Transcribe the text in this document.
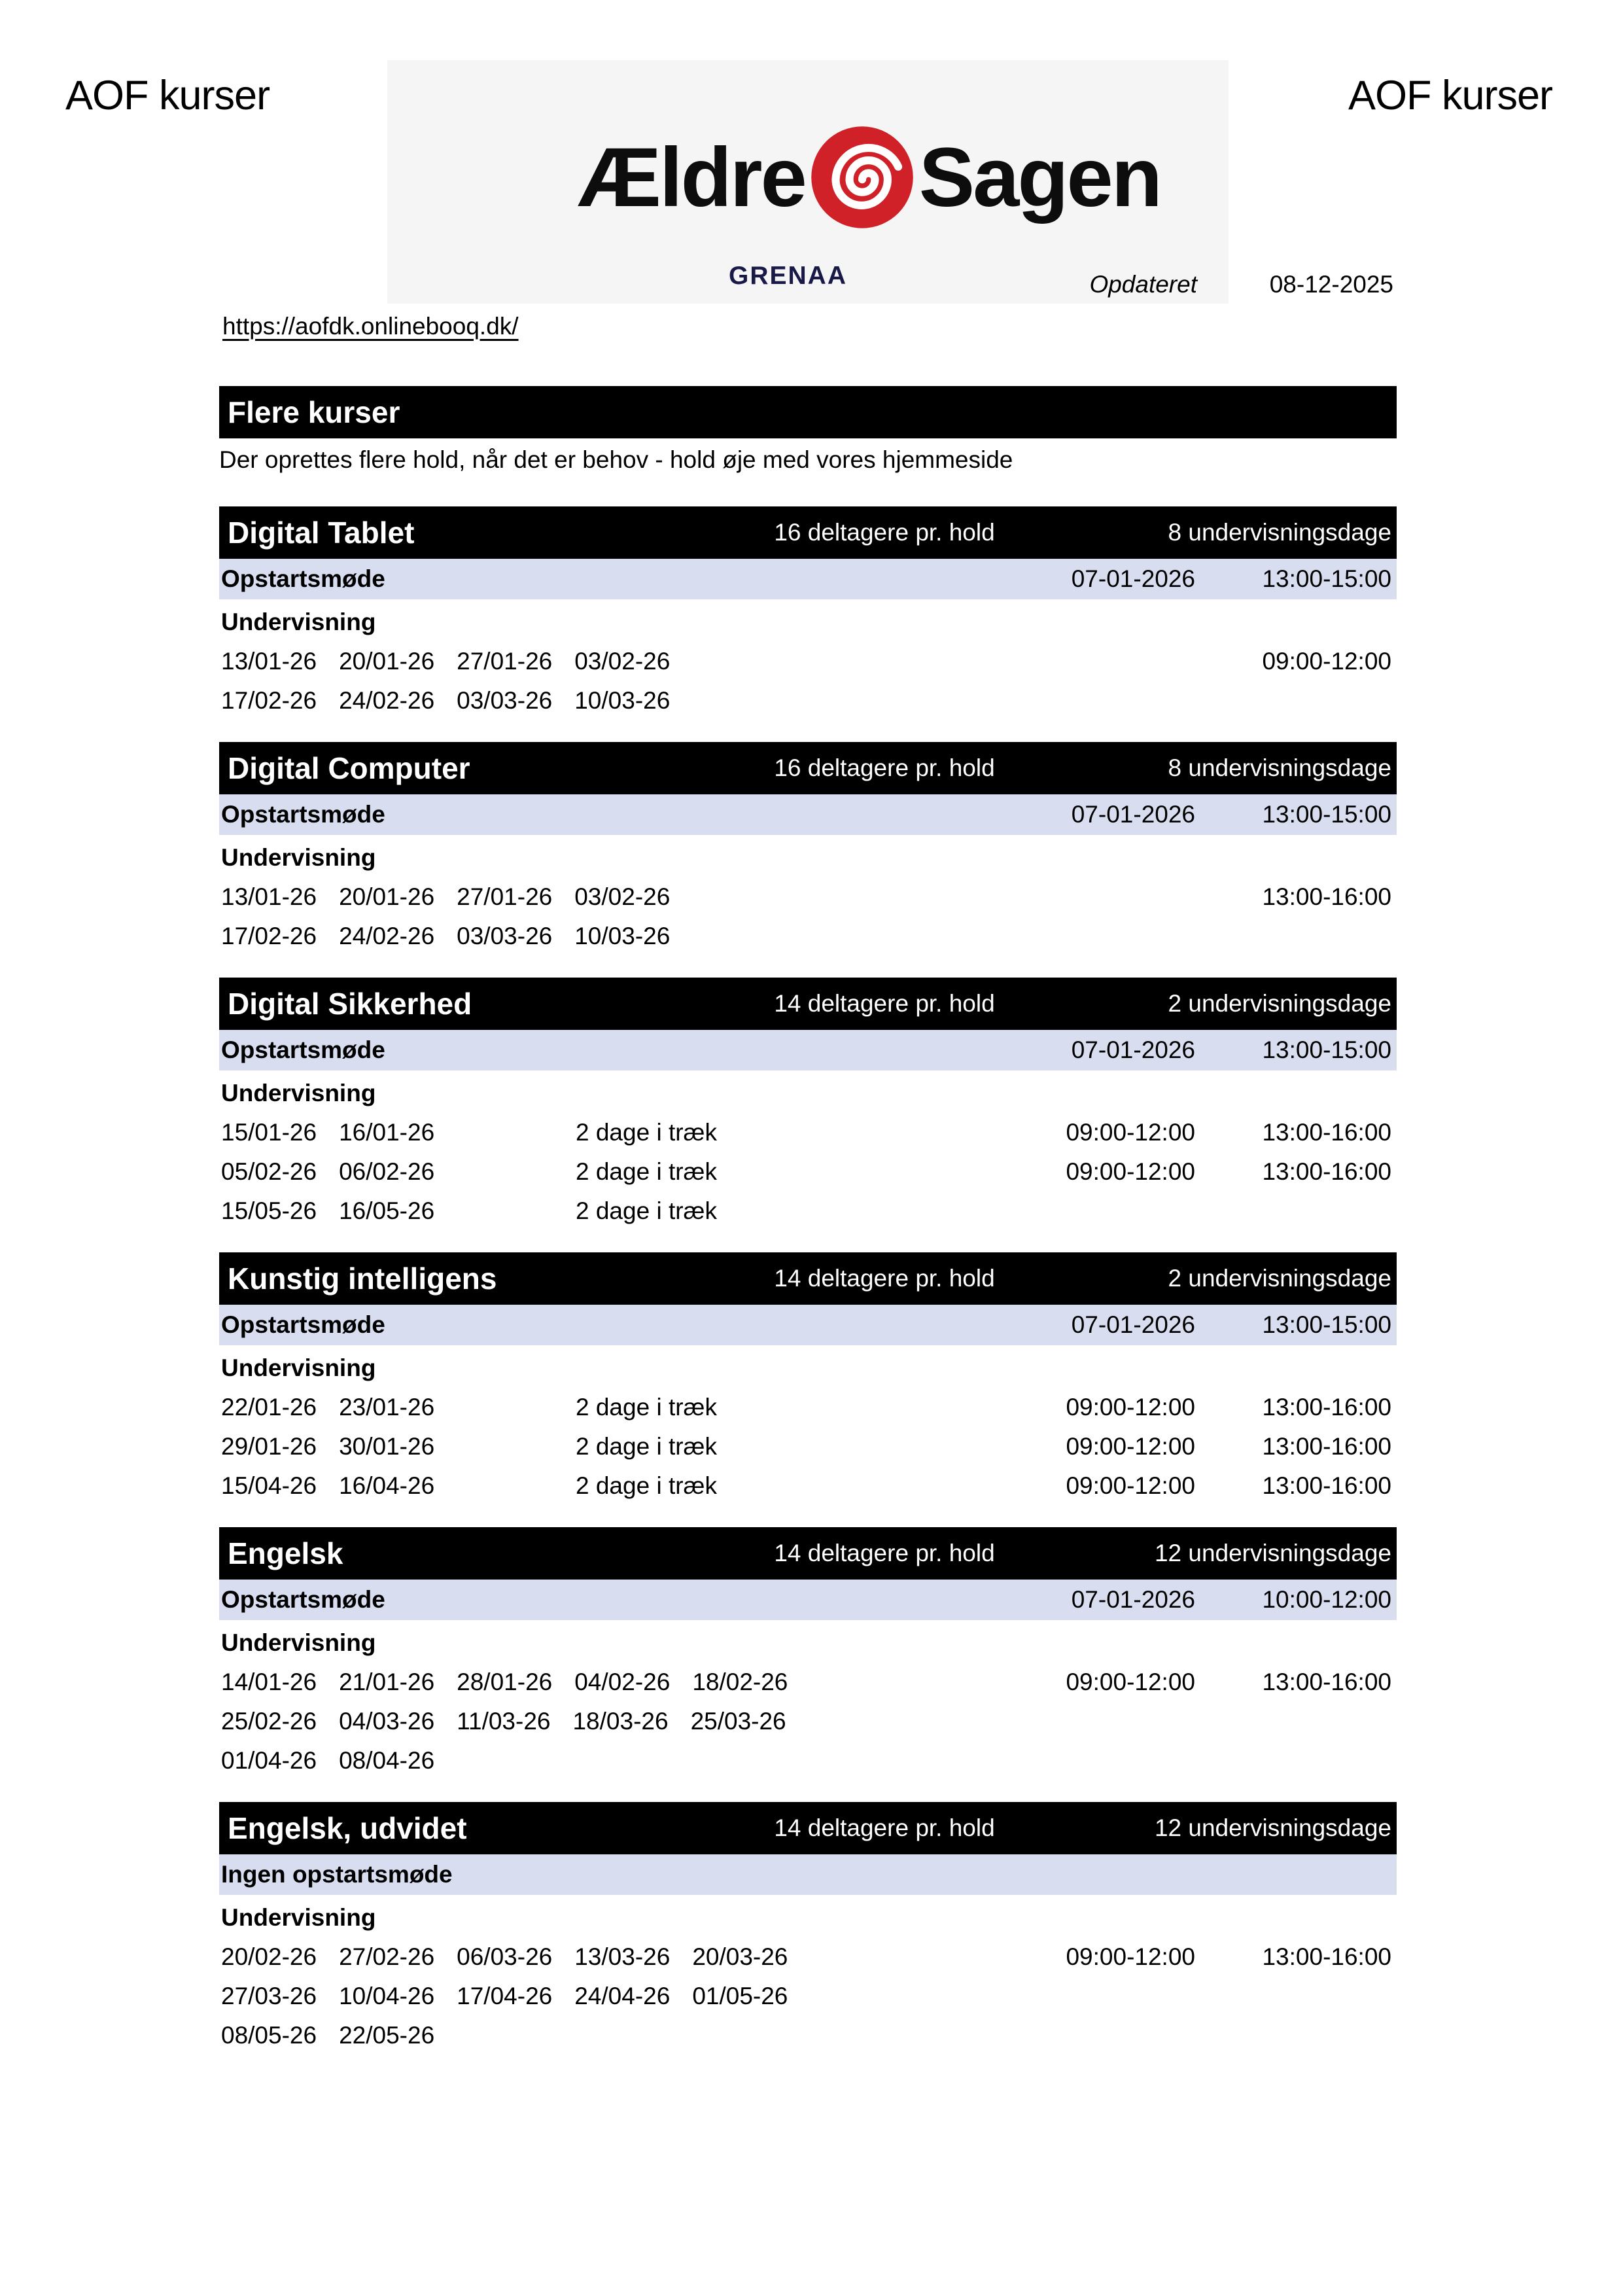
AOF kurser	AOF kurser
Ældre Sagen
GRENAA	Opdateret	08-12-2025
https://aofdk.onlinebooq.dk/
Flere kurser
Der oprettes flere hold, når det er behov - hold øje med vores hjemmeside
Digital Tablet	16 deltagere pr. hold	8 undervisningsdage
Opstartsmøde	07-01-2026	13:00-15:00
Undervisning
13/01-26 20/01-26 27/01-26 03/02-26	09:00-12:00
17/02-26 24/02-26 03/03-26 10/03-26
Digital Computer	16 deltagere pr. hold	8 undervisningsdage
Opstartsmøde	07-01-2026	13:00-15:00
Undervisning
13/01-26 20/01-26 27/01-26 03/02-26	13:00-16:00
17/02-26 24/02-26 03/03-26 10/03-26
Digital Sikkerhed	14 deltagere pr. hold	2 undervisningsdage
Opstartsmøde	07-01-2026	13:00-15:00
Undervisning
15/01-26 16/01-26	2 dage i træk	09:00-12:00	13:00-16:00
05/02-26 06/02-26	2 dage i træk	09:00-12:00	13:00-16:00
15/05-26 16/05-26	2 dage i træk
Kunstig intelligens	14 deltagere pr. hold	2 undervisningsdage
Opstartsmøde	07-01-2026	13:00-15:00
Undervisning
22/01-26 23/01-26	2 dage i træk	09:00-12:00	13:00-16:00
29/01-26 30/01-26	2 dage i træk	09:00-12:00	13:00-16:00
15/04-26 16/04-26	2 dage i træk	09:00-12:00	13:00-16:00
Engelsk	14 deltagere pr. hold	12 undervisningsdage
Opstartsmøde	07-01-2026	10:00-12:00
Undervisning
14/01-26 21/01-26 28/01-26 04/02-26 18/02-26	09:00-12:00	13:00-16:00
25/02-26 04/03-26 11/03-26 18/03-26 25/03-26
01/04-26 08/04-26
Engelsk, udvidet	14 deltagere pr. hold	12 undervisningsdage
Ingen opstartsmøde
Undervisning
20/02-26 27/02-26 06/03-26 13/03-26 20/03-26	09:00-12:00	13:00-16:00
27/03-26 10/04-26 17/04-26 24/04-26 01/05-26
08/05-26 22/05-26
